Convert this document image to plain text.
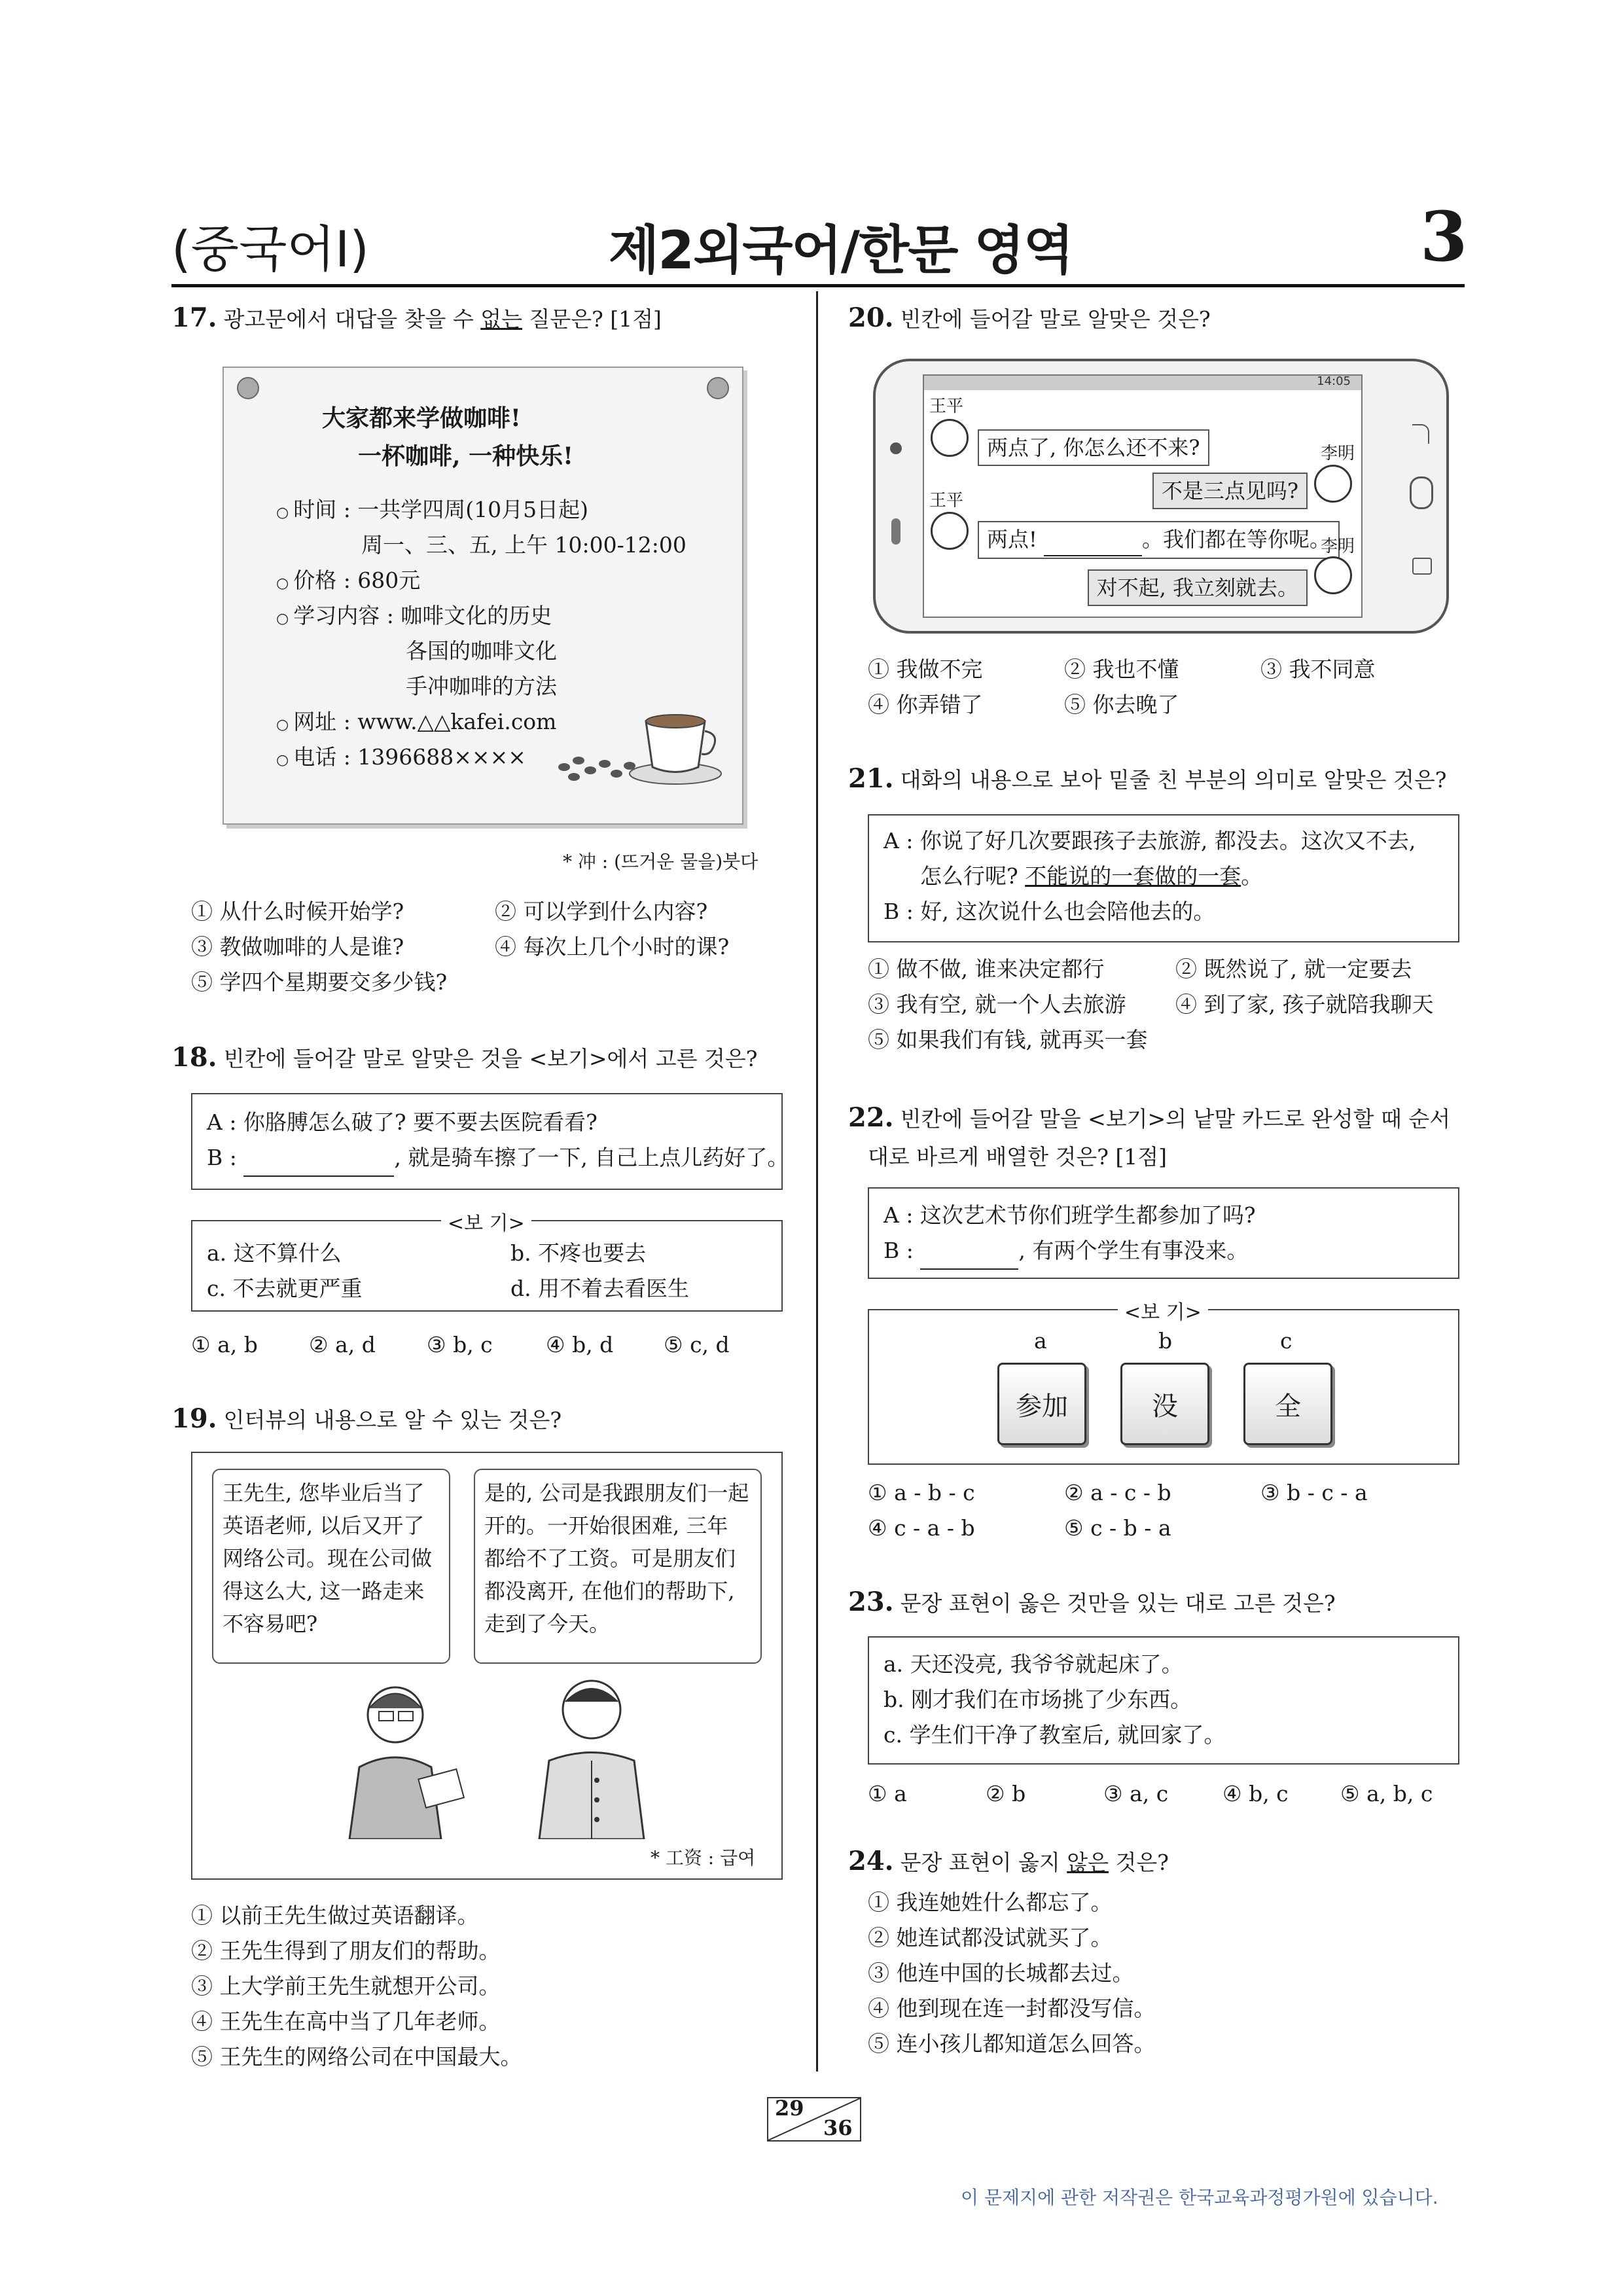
(중국어Ⅰ)	제2외국어/한문 영역	3
17. 광고문에서 대답을 찾을 수 없는 질문은? [1점]
大家都来学做咖啡!
一杯咖啡, 一种快乐!
○ 时间 : 一共学四周(10月5日起)
周一、三、五, 上午 10:00-12:00
○ 价格 : 680元
○ 学习内容 : 咖啡文化的历史
各国的咖啡文化
手冲咖啡的方法
○ 网址 : www.△△kafei.com
○ 电话 : 1396688××××
* 冲 : (뜨거운 물을)붓다
① 从什么时候开始学?	② 可以学到什么内容?
③ 教做咖啡的人是谁?	④ 每次上几个小时的课?
⑤ 学四个星期要交多少钱?
18. 빈칸에 들어갈 말로 알맞은 것을 <보기>에서 고른 것은?
A : 你胳膊怎么破了? 要不要去医院看看?
B :	, 就是骑车擦了一下, 自己上点儿药好了。
<보 기>
a. 这不算什么	b. 不疼也要去
c. 不去就更严重	d. 用不着去看医生
① a, b ② a, d ③ b, c ④ b, d ⑤ c, d
19. 인터뷰의 내용으로 알 수 있는 것은?
王先生, 您毕业后当了
英语老师, 以后又开了
网络公司。现在公司做
得这么大, 这一路走来
不容易吧?
是的, 公司是我跟朋友们一起
开的。一开始很困难, 三年
都给不了工资。可是朋友们
都没离开, 在他们的帮助下,
走到了今天。
* 工资 : 급여
① 以前王先生做过英语翻译。
② 王先生得到了朋友们的帮助。
③ 上大学前王先生就想开公司。
④ 王先生在高中当了几年老师。
⑤ 王先生的网络公司在中国最大。
20. 빈칸에 들어갈 말로 알맞은 것은?
14:05
王平
两点了, 你怎么还不来?	李明
不是三点见吗?
王平
两点!	。我们都在等你呢。
李明
对不起, 我立刻就去。
① 我做不完	② 我也不懂	③ 我不同意
④ 你弄错了	⑤ 你去晚了
21. 대화의 내용으로 보아 밑줄 친 부분의 의미로 알맞은 것은?
A : 你说了好几次要跟孩子去旅游, 都没去。这次又不去,
怎么行呢? 不能说的一套做的一套。
B : 好, 这次说什么也会陪他去的。
① 做不做, 谁来决定都行	② 既然说了, 就一定要去
③ 我有空, 就一个人去旅游 ④ 到了家, 孩子就陪我聊天
⑤ 如果我们有钱, 就再买一套
22. 빈칸에 들어갈 말을 <보기>의 낱말 카드로 완성할 때 순서
대로 바르게 배열한 것은? [1점]
A : 这次艺术节你们班学生都参加了吗?
B :	, 有两个学生有事没来。
<보 기>
a	b	c
参加	没	全
① a - b - c	② a - c - b	③ b - c - a
④ c - a - b	⑤ c - b - a
23. 문장 표현이 옳은 것만을 있는 대로 고른 것은?
a. 天还没亮, 我爷爷就起床了。
b. 刚才我们在市场挑了少东西。
c. 学生们干净了教室后, 就回家了。
① a	② b	③ a, c	④ b, c ⑤ a, b, c
24. 문장 표현이 옳지 않은 것은?
① 我连她姓什么都忘了。
② 她连试都没试就买了。
③ 他连中国的长城都去过。
④ 他到现在连一封都没写信。
⑤ 连小孩儿都知道怎么回答。
29
36
이 문제지에 관한 저작권은 한국교육과정평가원에 있습니다.
